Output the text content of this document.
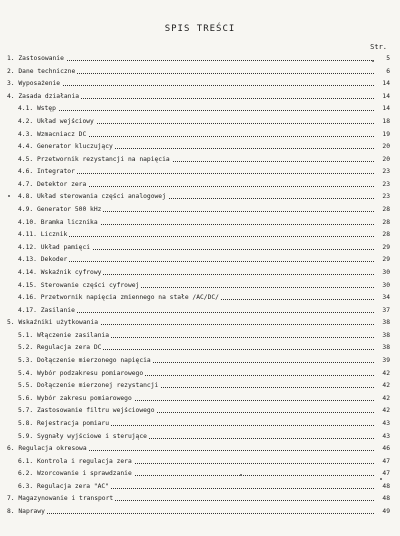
SPIS TREŚCI
Str.
1. Zastosowanie	5
2. Dane techniczne	6
3. Wyposażenie	14
4. Zasada działania	14
4.1. Wstęp	14
4.2. Układ wejściowy	18
4.3. Wzmacniacz DC	19
4.4. Generator kluczujący	20
4.5. Przetwornik rezystancji na napięcia	20
4.6. Integrator	23
4.7. Detektor zera	23
4.8. Układ sterowania części analogowej	23
4.9. Generator 500 kHz	28
4.10. Bramka licznika	28
4.11. Licznik	28
4.12. Układ pamięci	29
4.13. Dekoder	29
4.14. Wskaźnik cyfrowy	30
4.15. Sterowanie części cyfrowej	30
4.16. Przetwornik napięcia zmiennego na stałe /AC/DC/	34
4.17. Zasilanie	37
5. Wskaźniki użytkowania	38
5.1. Włączenie zasilania	38
5.2. Regulacja zera DC	38
5.3. Dołączenie mierzonego napięcia	39
5.4. Wybór podzakresu pomiarowego	42
5.5. Dołączenie mierzonej rezystancji	42
5.6. Wybór zakresu pomiarowego	42
5.7. Zastosowanie filtru wejściowego	42
5.8. Rejestracja pomiaru	43
5.9. Sygnały wyjściowe i sterujące	43
6. Regulacja okresowa	46
6.1. Kontrola i regulacja zera	47
6.2. Wzorcowanie i sprawdzanie	47
6.3. Regulacja zera "AC"	48
7. Magazynowanie i transport	48
8. Naprawy	49
